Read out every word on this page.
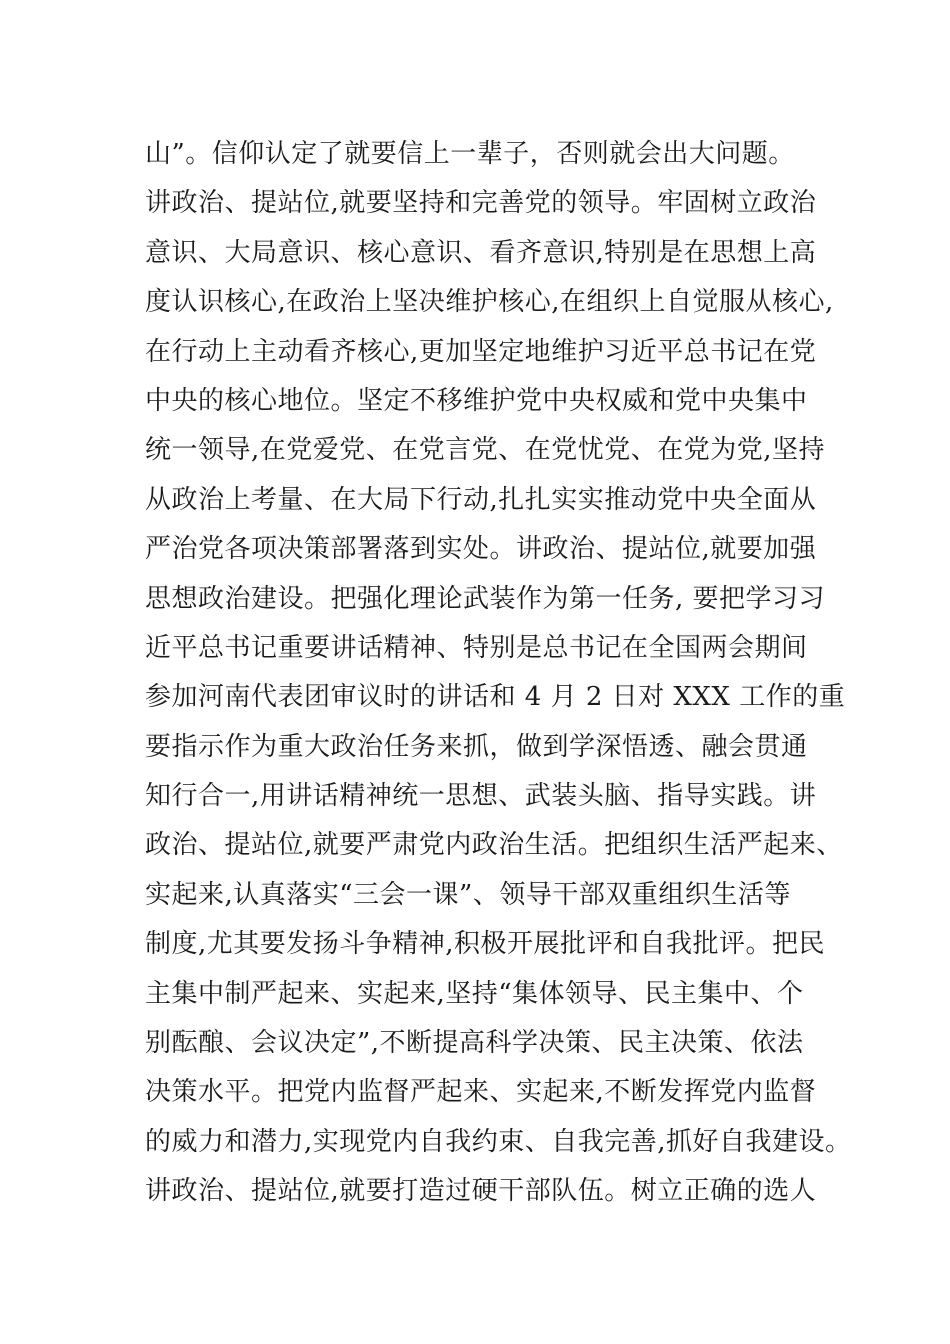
山”。信仰认定了就要信上一辈子，否则就会出大问题。
讲政治、提站位,就要坚持和完善党的领导。牢固树立政治
意识、大局意识、核心意识、看齐意识,特别是在思想上高
度认识核心,在政治上坚决维护核心,在组织上自觉服从核心,
在行动上主动看齐核心,更加坚定地维护习近平总书记在党
中央的核心地位。坚定不移维护党中央权威和党中央集中
统一领导,在党爱党、在党言党、在党忧党、在党为党,坚持
从政治上考量、在大局下行动,扎扎实实推动党中央全面从
严治党各项决策部署落到实处。讲政治、提站位,就要加强
思想政治建设。把强化理论武装作为第一任务, 要把学习习
近平总书记重要讲话精神、特别是总书记在全国两会期间
参加河南代表团审议时的讲话和 4 月 2 日对 XXX 工作的重
要指示作为重大政治任务来抓，做到学深悟透、融会贯通
知行合一,用讲话精神统一思想、武装头脑、指导实践。讲
政治、提站位,就要严肃党内政治生活。把组织生活严起来、
实起来,认真落实“三会一课”、领导干部双重组织生活等
制度,尤其要发扬斗争精神,积极开展批评和自我批评。把民
主集中制严起来、实起来,坚持“集体领导、民主集中、个
别酝酿、会议决定”,不断提高科学决策、民主决策、依法
决策水平。把党内监督严起来、实起来,不断发挥党内监督
的威力和潜力,实现党内自我约束、自我完善,抓好自我建设。
讲政治、提站位,就要打造过硬干部队伍。树立正确的选人
